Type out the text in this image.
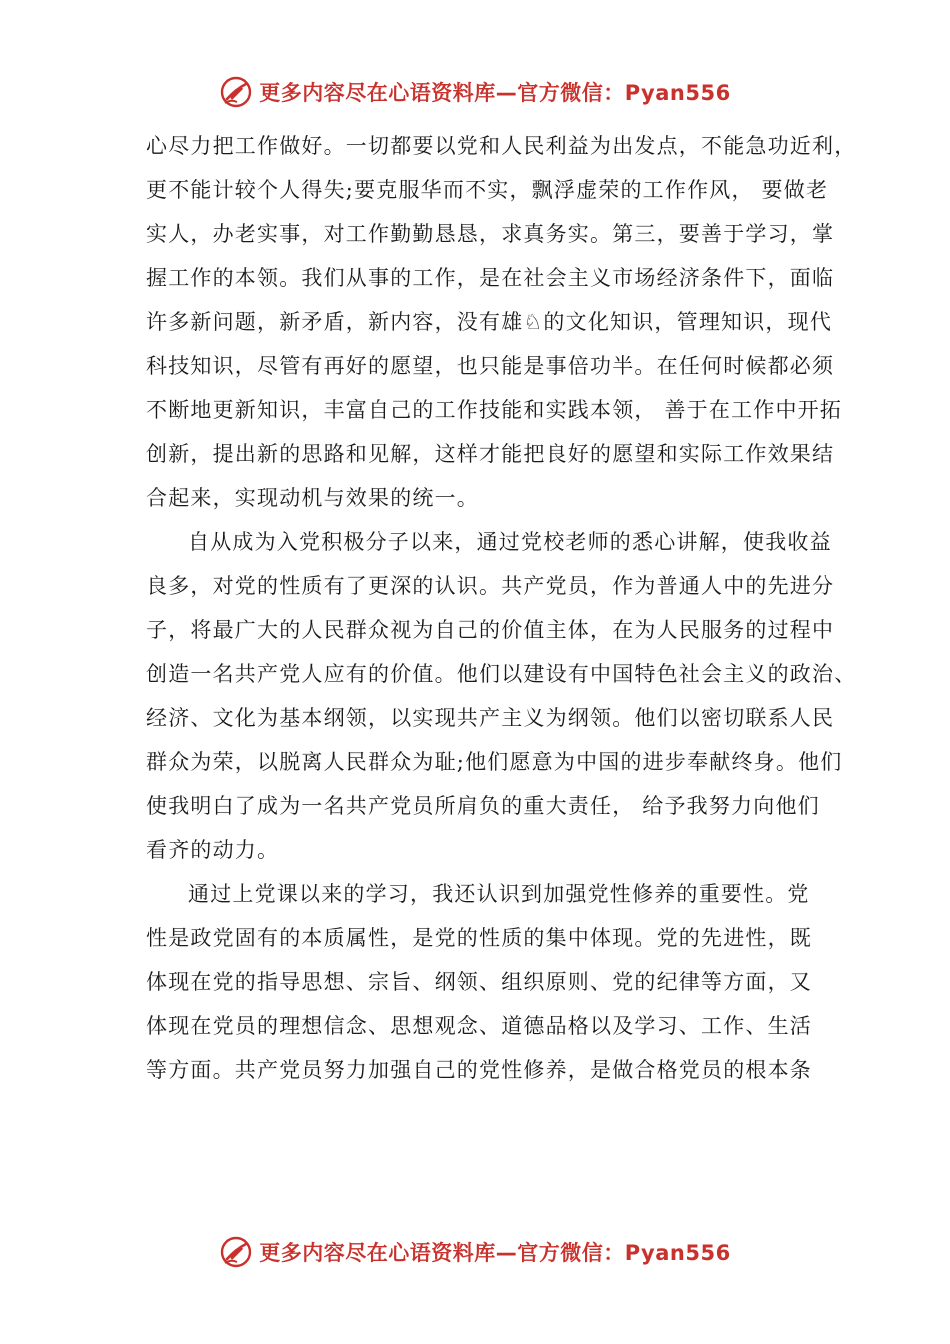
更多内容尽在心语资料库—官方微信：Pyan556
心尽力把工作做好。一切都要以党和人民利益为出发点，不能急功近利，
更不能计较个人得失;要克服华而不实，飘浮虚荣的工作作风， 要做老
实人，办老实事，对工作勤勤恳恳，求真务实。第三，要善于学习，掌
握工作的本领。我们从事的工作，是在社会主义市场经济条件下，面临
许多新问题，新矛盾，新内容，没有雄♘的文化知识，管理知识，现代
科技知识，尽管有再好的愿望，也只能是事倍功半。在任何时候都必须
不断地更新知识，丰富自己的工作技能和实践本领， 善于在工作中开拓
创新，提出新的思路和见解，这样才能把良好的愿望和实际工作效果结
合起来，实现动机与效果的统一。
自从成为入党积极分子以来，通过党校老师的悉心讲解，使我收益
良多，对党的性质有了更深的认识。共产党员，作为普通人中的先进分
子，将最广大的人民群众视为自己的价值主体，在为人民服务的过程中
创造一名共产党人应有的价值。他们以建设有中国特色社会主义的政治、
经济、文化为基本纲领，以实现共产主义为纲领。他们以密切联系人民
群众为荣，以脱离人民群众为耻;他们愿意为中国的进步奉献终身。他们
使我明白了成为一名共产党员所肩负的重大责任， 给予我努力向他们
看齐的动力。
通过上党课以来的学习，我还认识到加强党性修养的重要性。党
性是政党固有的本质属性，是党的性质的集中体现。党的先进性，既
体现在党的指导思想、宗旨、纲领、组织原则、党的纪律等方面，又
体现在党员的理想信念、思想观念、道德品格以及学习、工作、生活
等方面。共产党员努力加强自己的党性修养，是做合格党员的根本条
更多内容尽在心语资料库—官方微信：Pyan556
